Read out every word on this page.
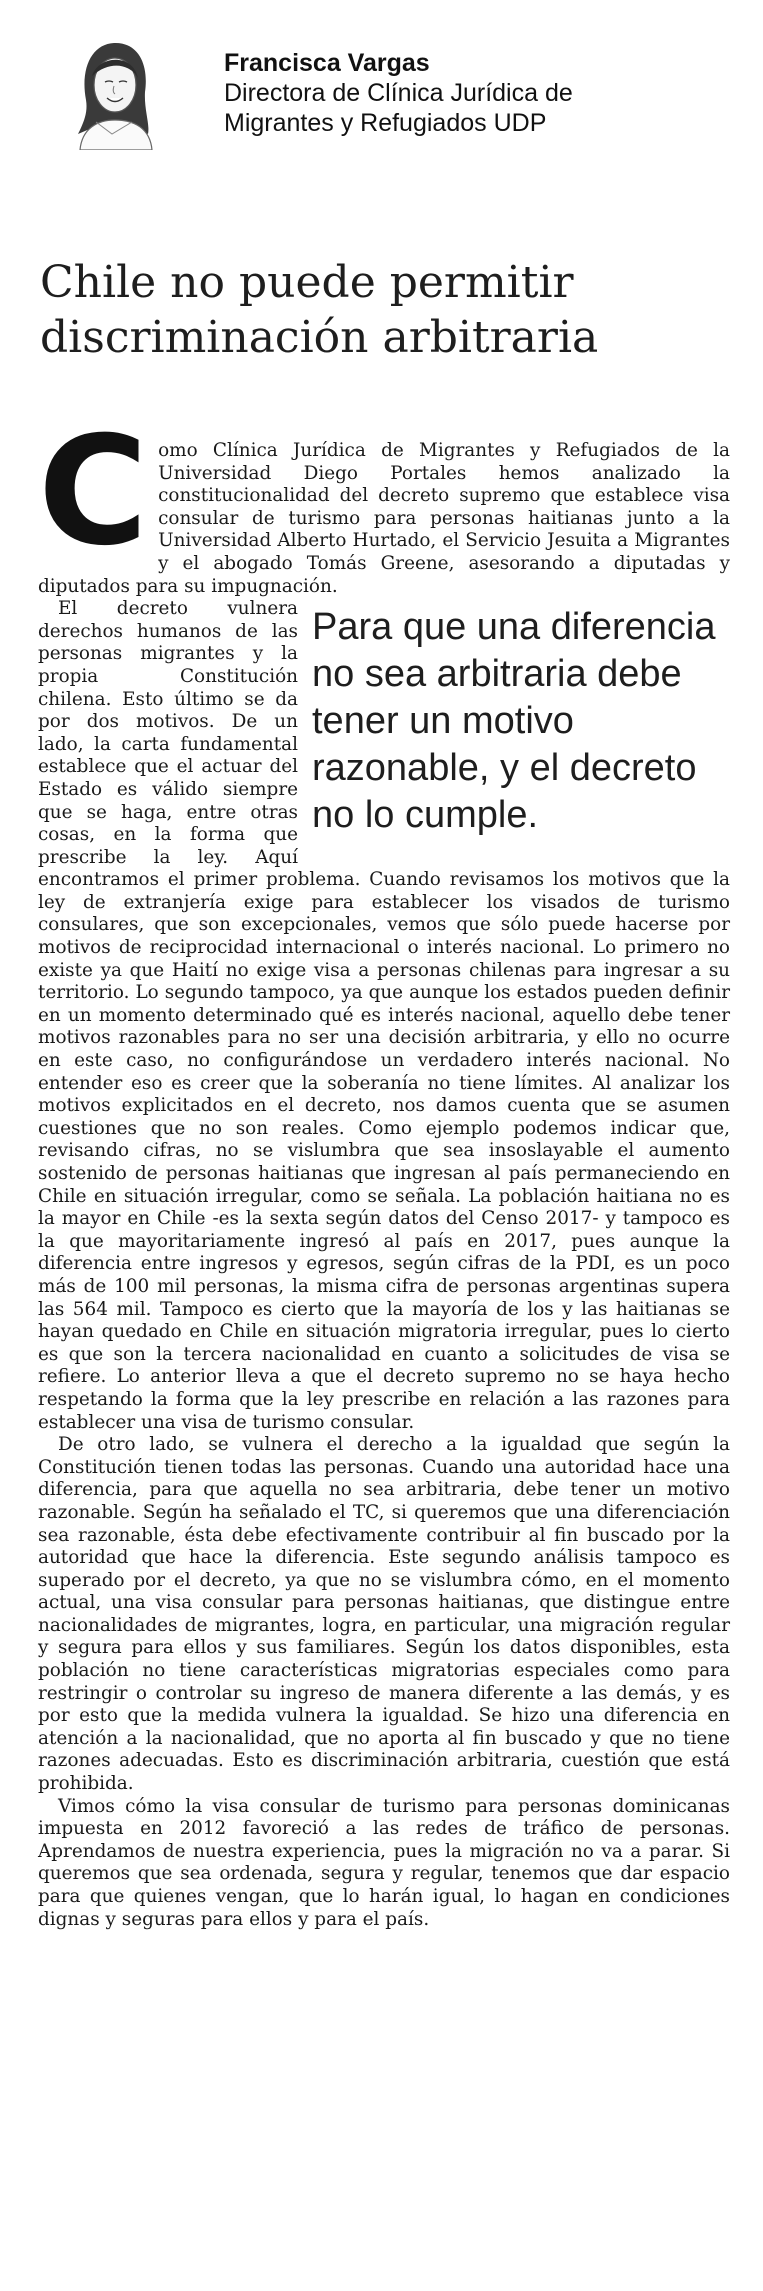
Francisca Vargas
Directora de Clínica Jurídica de
Migrantes y Refugiados UDP
Chile no puede permitir discriminación arbitraria

Como Clínica Jurídica de Migrantes y Refugiados de la Universidad Diego Portales hemos analizado la constitucionalidad del decreto supremo que establece visa consular de turismo para personas haitianas junto a la Universidad Alberto Hurtado, el Servicio Jesuita a Migrantes y el abogado Tomás Greene, asesorando a diputadas y diputados para su impugnación.

Para que una diferencia no sea arbitraria debe tener un motivo razonable, y el decreto no lo cumple.
El decreto vulnera derechos humanos de las personas migrantes y la propia Constitución chilena. Esto último se da por dos motivos. De un lado, la carta fundamental establece que el actuar del Estado es válido siempre que se haga, entre otras cosas, en la forma que prescribe la ley. Aquí encontramos el primer problema. Cuando revisamos los motivos que la ley de extranjería exige para establecer los visados de turismo consulares, que son excepcionales, vemos que sólo puede hacerse por motivos de reciprocidad internacional o interés nacional. Lo primero no existe ya que Haití no exige visa a personas chilenas para ingresar a su territorio. Lo segundo tampoco, ya que aunque los estados pueden definir en un momento determinado qué es interés nacional, aquello debe tener motivos razonables para no ser una decisión arbitraria, y ello no ocurre en este caso, no configurándose un verdadero interés nacional. No entender eso es creer que la soberanía no tiene límites. Al analizar los motivos explicitados en el decreto, nos damos cuenta que se asumen cuestiones que no son reales. Como ejemplo podemos indicar que, revisando cifras, no se vislumbra que sea insoslayable el aumento sostenido de personas haitianas que ingresan al país permaneciendo en Chile en situación irregular, como se señala. La población haitiana no es la mayor en Chile -es la sexta según datos del Censo 2017- y tampoco es la que mayoritariamente ingresó al país en 2017, pues aunque la diferencia entre ingresos y egresos, según cifras de la PDI, es un poco más de 100 mil personas, la misma cifra de personas argentinas supera las 564 mil. Tampoco es cierto que la mayoría de los y las haitianas se hayan quedado en Chile en situación migratoria irregular, pues lo cierto es que son la tercera nacionalidad en cuanto a solicitudes de visa se refiere. Lo anterior lleva a que el decreto supremo no se haya hecho respetando la forma que la ley prescribe en relación a las razones para establecer una visa de turismo consular.

De otro lado, se vulnera el derecho a la igualdad que según la Constitución tienen todas las personas. Cuando una autoridad hace una diferencia, para que aquella no sea arbitraria, debe tener un motivo razonable. Según ha señalado el TC, si queremos que una diferenciación sea razonable, ésta debe efectivamente contribuir al fin buscado por la autoridad que hace la diferencia. Este segundo análisis tampoco es superado por el decreto, ya que no se vislumbra cómo, en el momento actual, una visa consular para personas haitianas, que distingue entre nacionalidades de migrantes, logra, en particular, una migración regular y segura para ellos y sus familiares. Según los datos disponibles, esta población no tiene características migratorias especiales como para restringir o controlar su ingreso de manera diferente a las demás, y es por esto que la medida vulnera la igualdad. Se hizo una diferencia en atención a la nacionalidad, que no aporta al fin buscado y que no tiene razones adecuadas. Esto es discriminación arbitraria, cuestión que está prohibida.

Vimos cómo la visa consular de turismo para personas dominicanas impuesta en 2012 favoreció a las redes de tráfico de personas. Aprendamos de nuestra experiencia, pues la migración no va a parar. Si queremos que sea ordenada, segura y regular, tenemos que dar espacio para que quienes vengan, que lo harán igual, lo hagan en condiciones dignas y seguras para ellos y para el país.
